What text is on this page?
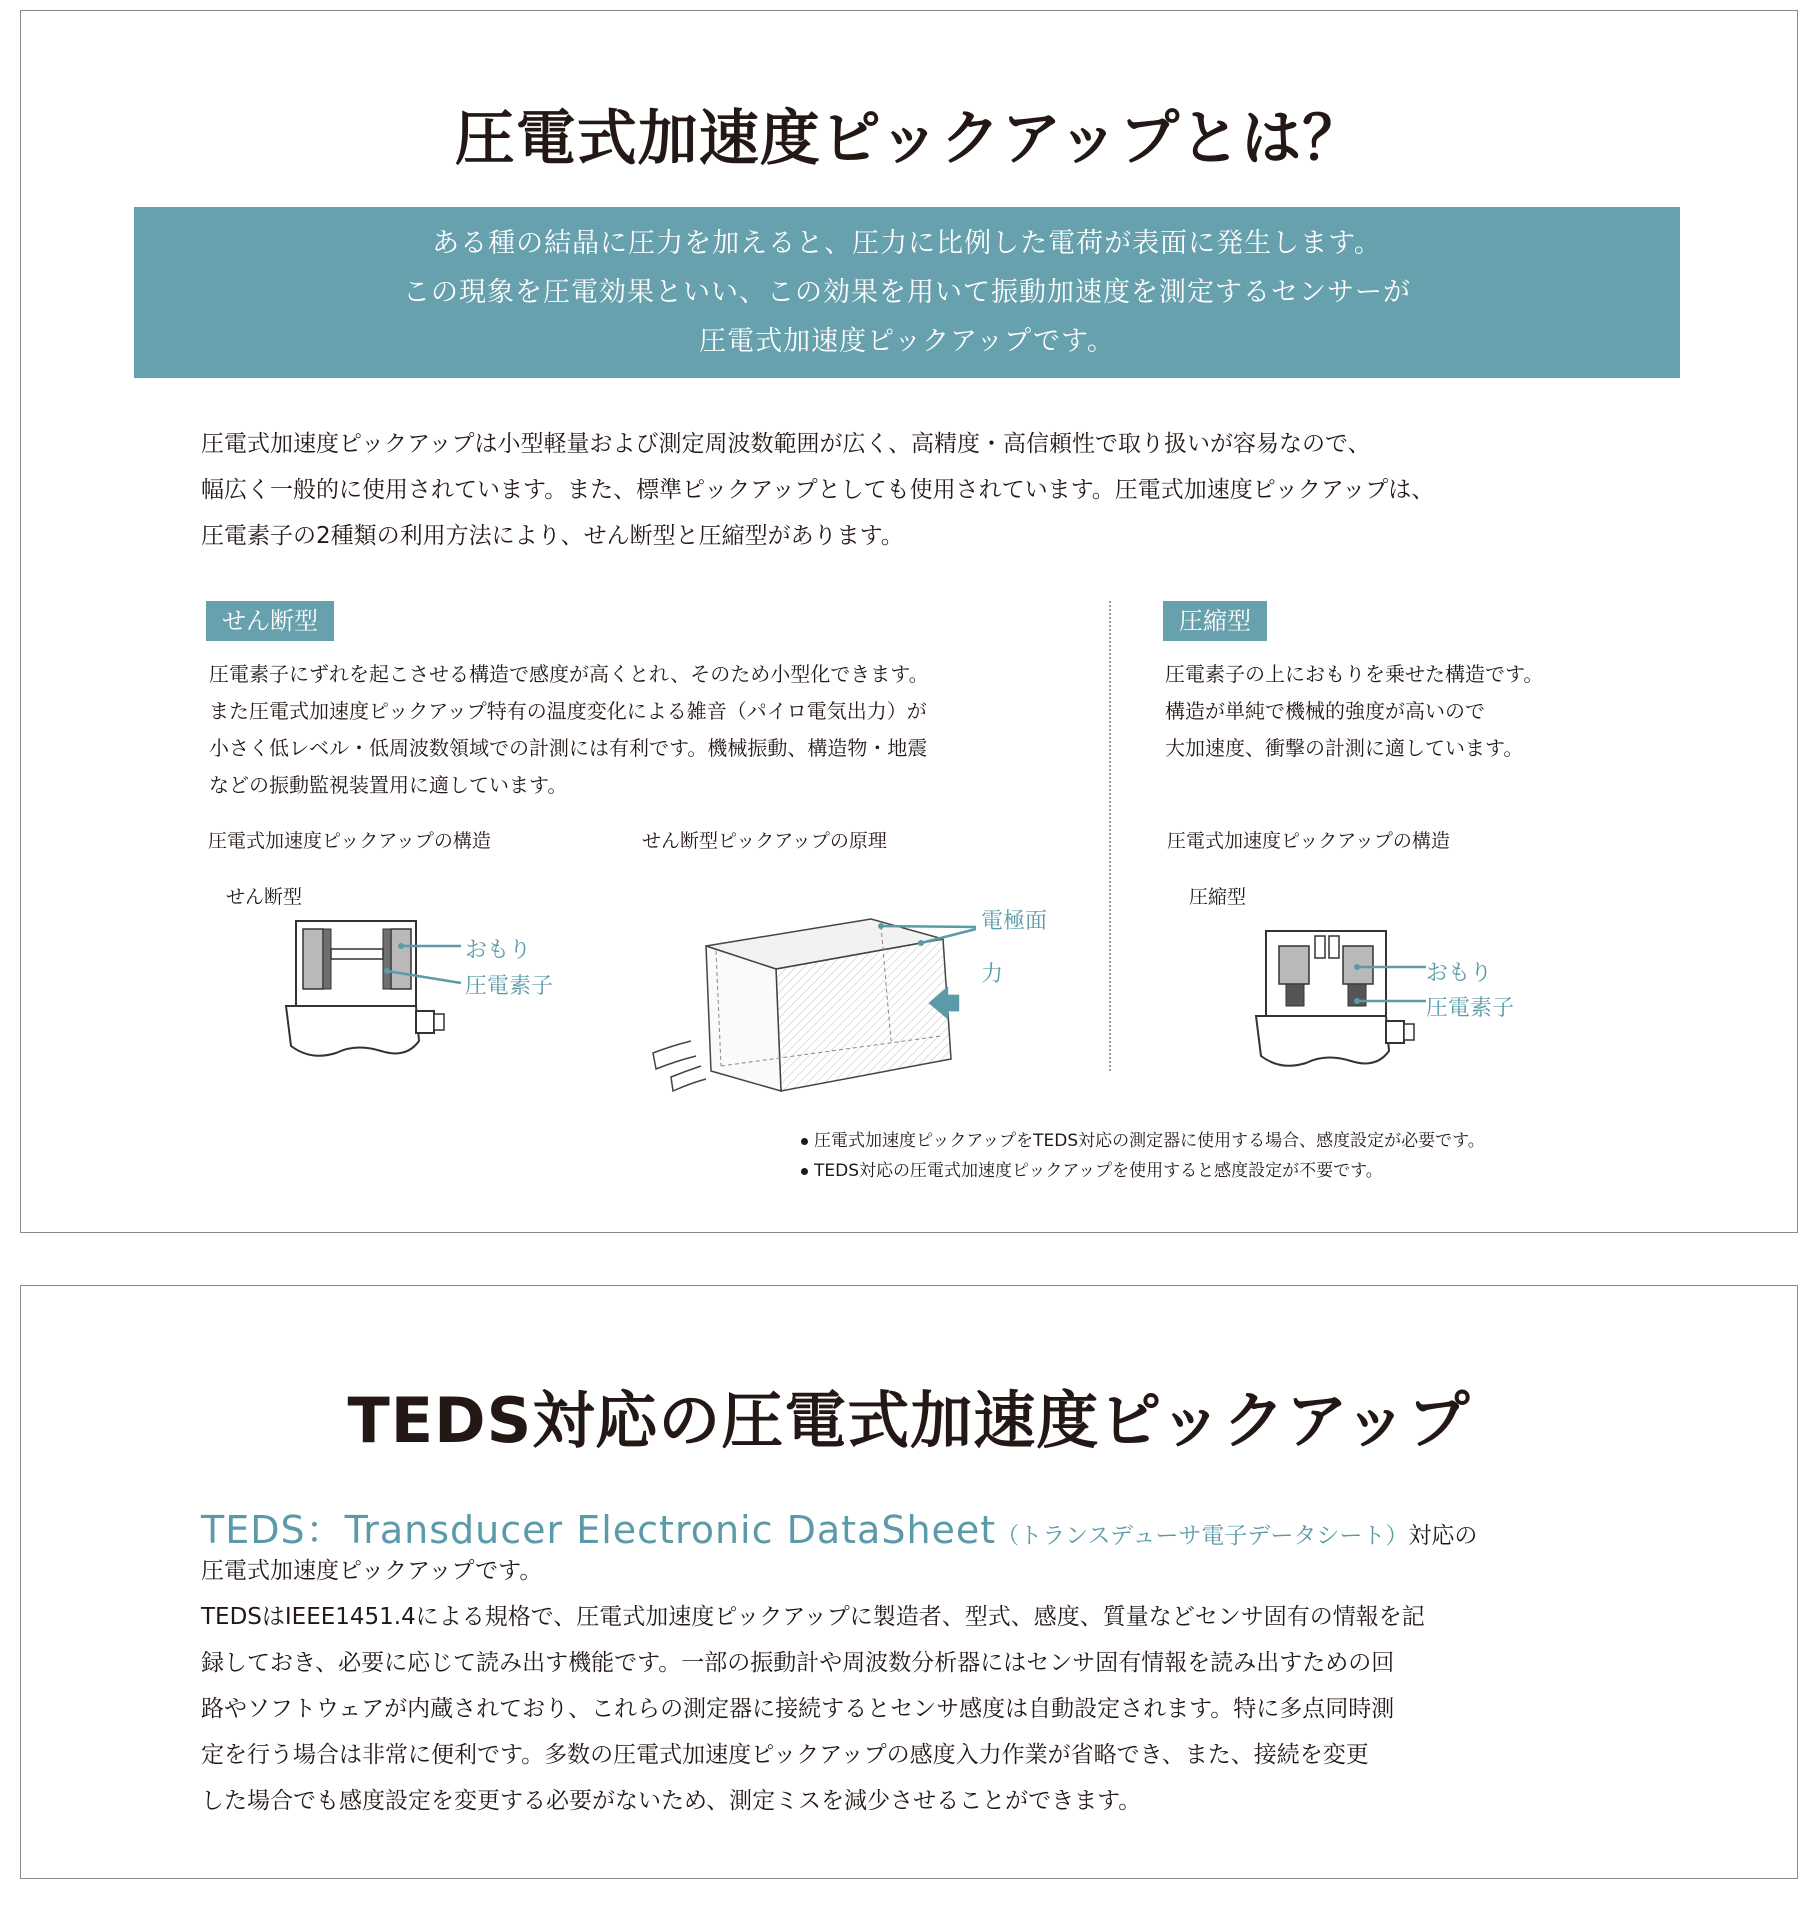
圧電式加速度ピックアップとは？
ある種の結晶に圧力を加えると、圧力に比例した電荷が表面に発生します。
この現象を圧電効果といい、この効果を用いて振動加速度を測定するセンサーが
圧電式加速度ピックアップです。
圧電式加速度ピックアップは小型軽量および測定周波数範囲が広く、高精度・高信頼性で取り扱いが容易なので、
幅広く一般的に使用されています。また、標準ピックアップとしても使用されています。圧電式加速度ピックアップは、
圧電素子の2種類の利用方法により、せん断型と圧縮型があります。
せん断型
圧電素子にずれを起こさせる構造で感度が高くとれ、そのため小型化できます。
また圧電式加速度ピックアップ特有の温度変化による雑音（パイロ電気出力）が
小さく低レベル・低周波数領域での計測には有利です。機械振動、構造物・地震
などの振動監視装置用に適しています。
圧縮型
圧電素子の上におもりを乗せた構造です。
構造が単純で機械的強度が高いので
大加速度、衝撃の計測に適しています。
圧電式加速度ピックアップの構造	せん断型ピックアップの原理	圧電式加速度ピックアップの構造
せん断型	圧縮型
おもり
圧電素子
電極面
力	おもり
圧電素子
圧電式加速度ピックアップをTEDS対応の測定器に使用する場合、感度設定が必要です。
TEDS対応の圧電式加速度ピックアップを使用すると感度設定が不要です。
TEDS対応の圧電式加速度ピックアップ
TEDS：Transducer Electronic DataSheet（トランスデューサ電子データシート）対応の
圧電式加速度ピックアップです。
TEDSはIEEE1451.4による規格で、圧電式加速度ピックアップに製造者、型式、感度、質量などセンサ固有の情報を記
録しておき、必要に応じて読み出す機能です。一部の振動計や周波数分析器にはセンサ固有情報を読み出すための回
路やソフトウェアが内蔵されており、これらの測定器に接続するとセンサ感度は自動設定されます。特に多点同時測
定を行う場合は非常に便利です。多数の圧電式加速度ピックアップの感度入力作業が省略でき、また、接続を変更
した場合でも感度設定を変更する必要がないため、測定ミスを減少させることができます。
